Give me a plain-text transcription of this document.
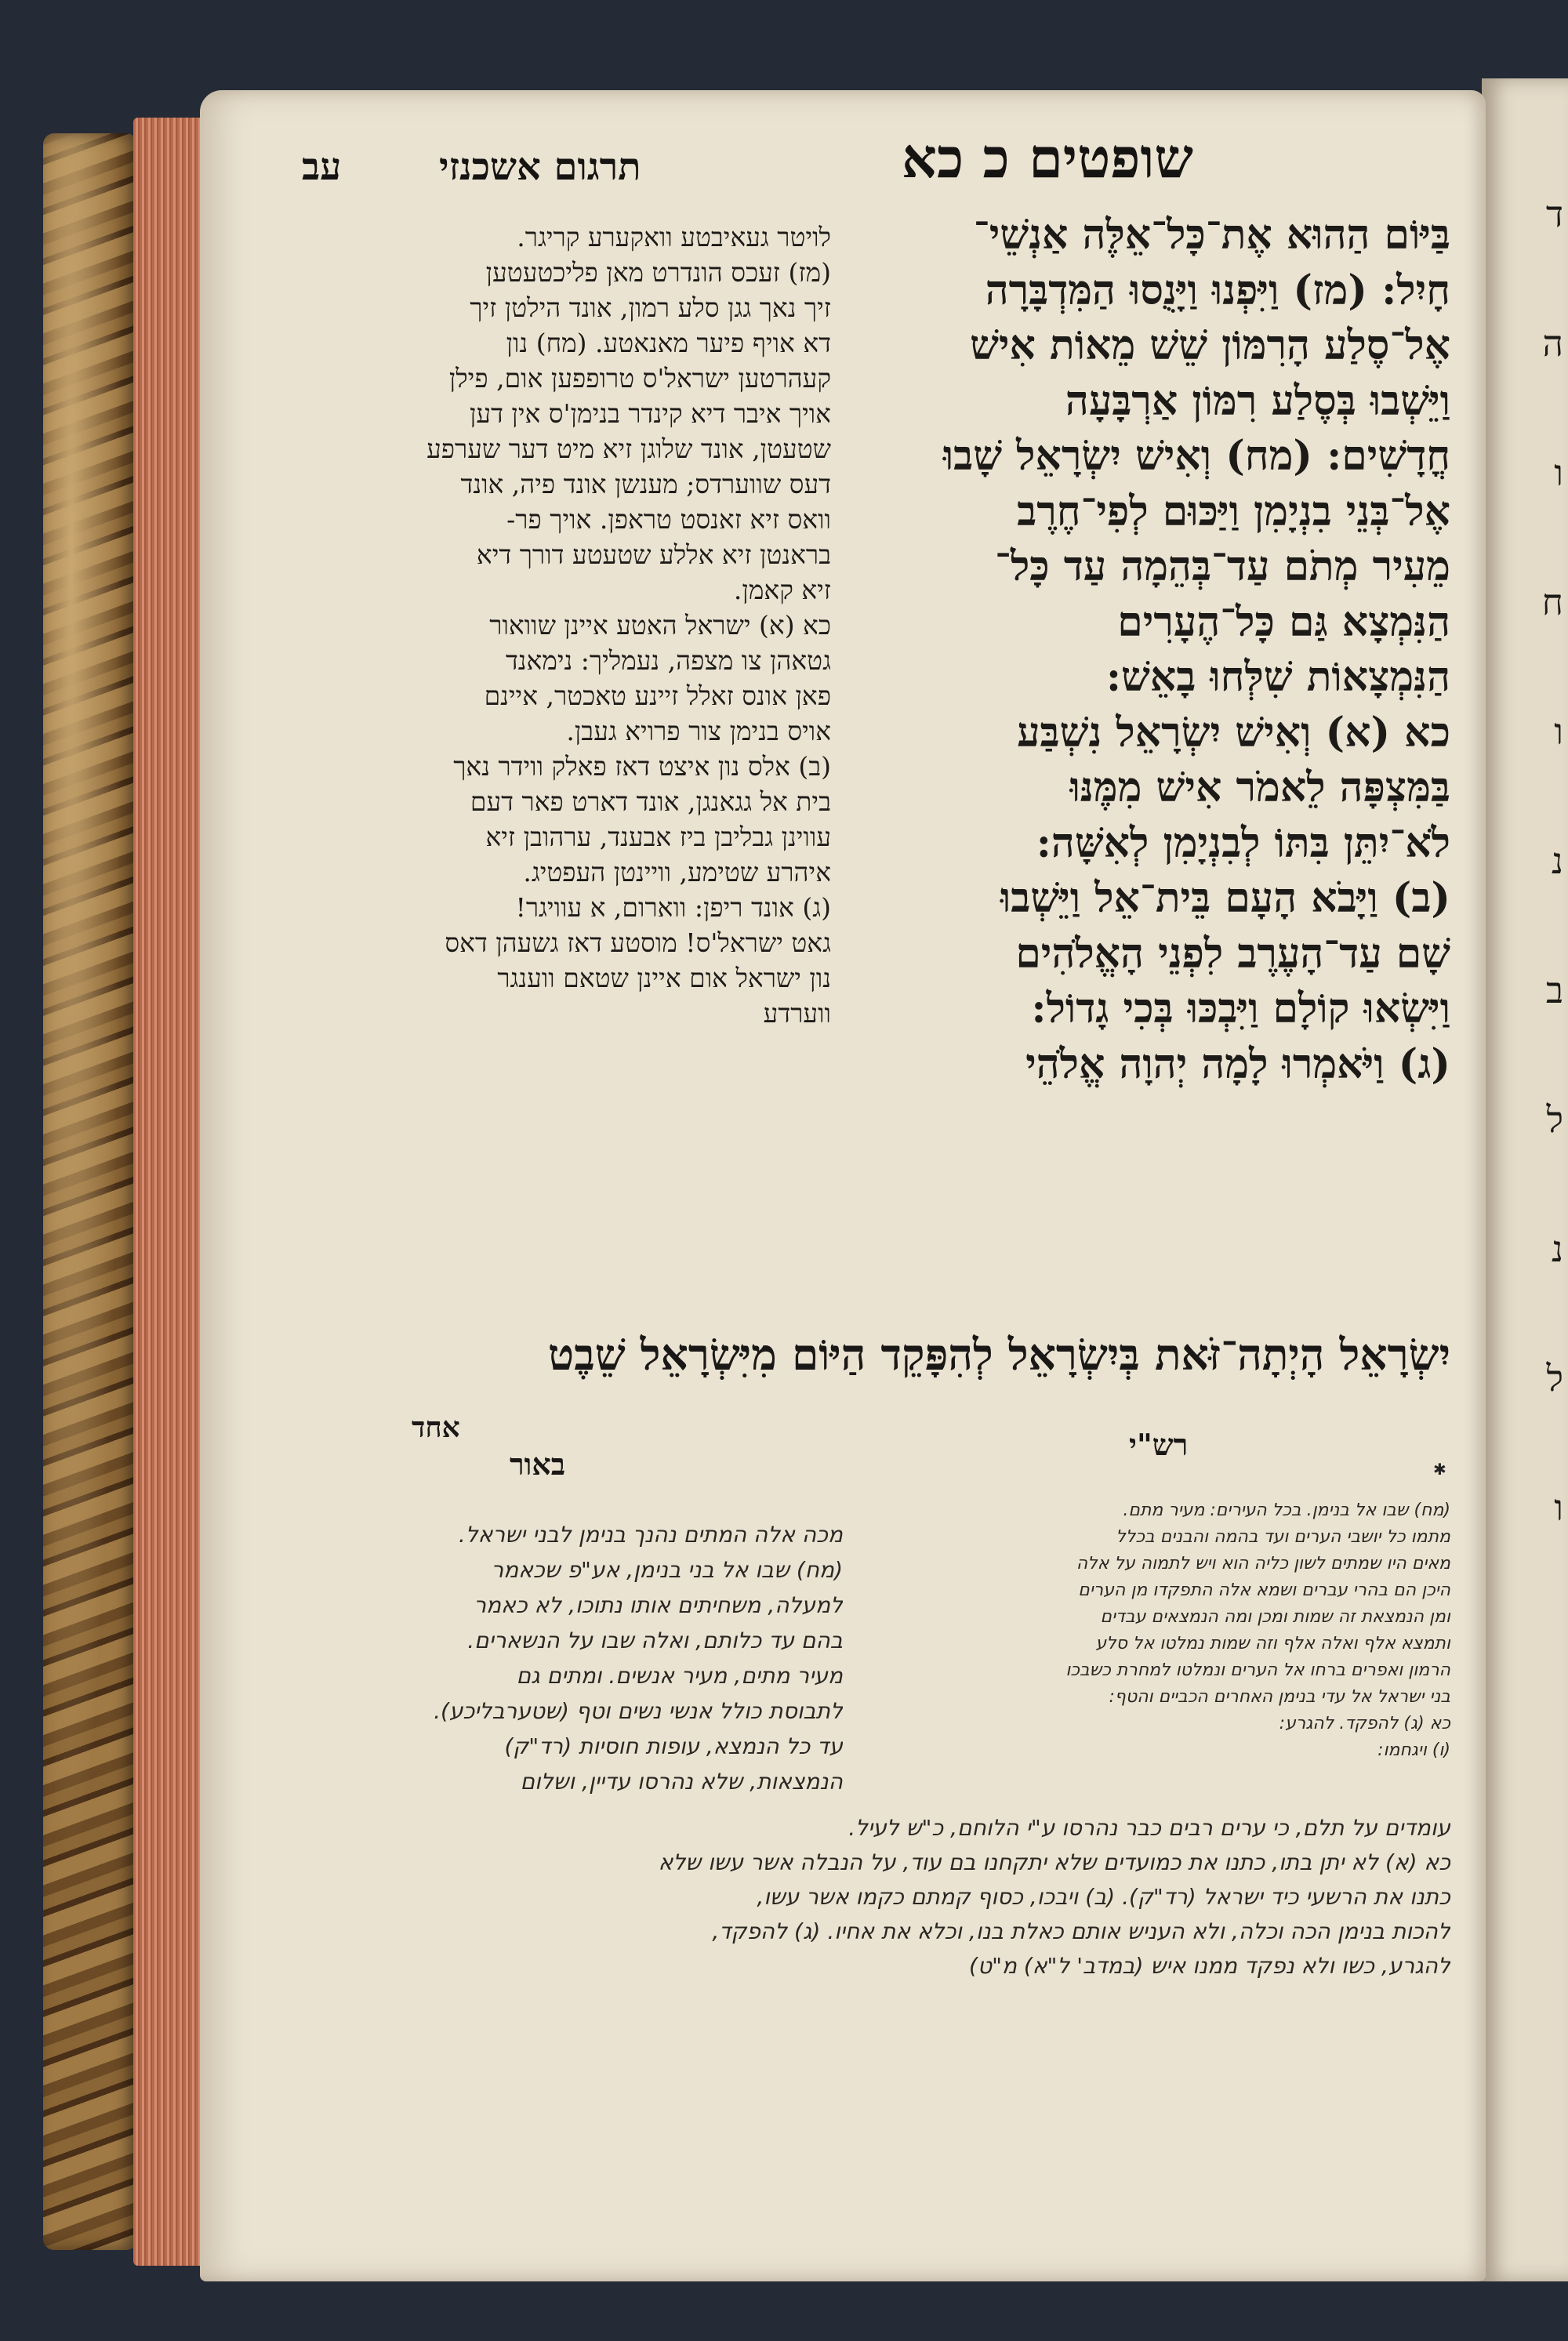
ד
ה
ו
ח
ו
נ
ב
ל
נ
ל
ו
שופטים כ כא
תרגום אשכנזי
עב
בַּיּוֹם הַהוּא אֶת־כָּל־אֵלֶּה אַנְשֵׁי־
חָיִל: (מז) וַיִּפְנוּ וַיָּנֻסוּ הַמִּדְבָּרָה
אֶל־סֶלַע הָרִמּוֹן שֵׁשׁ מֵאוֹת אִישׁ
וַיֵּשְׁבוּ בְּסֶלַע רִמּוֹן אַרְבָּעָה
חֳדָשִׁים: (מח) וְאִישׁ יִשְׂרָאֵל שָׁבוּ
אֶל־בְּנֵי בִנְיָמִן וַיַּכּוּם לְפִי־חֶרֶב
מֵעִיר מְתֹם עַד־בְּהֵמָה עַד כָּל־
הַנִּמְצָא גַּם כָּל־הֶעָרִים
הַנִּמְצָאוֹת שִׁלְּחוּ בָאֵשׁ:
כא (א) וְאִישׁ יִשְׂרָאֵל נִשְׁבַּע
בַּמִּצְפָּה לֵאמֹר אִישׁ מִמֶּנּוּ
לֹא־יִתֵּן בִּתּוֹ לְבִנְיָמִן לְאִשָּׁה:
(ב) וַיָּבֹא הָעָם בֵּית־אֵל וַיֵּשְׁבוּ
שָׁם עַד־הָעֶרֶב לִפְנֵי הָאֱלֹהִים
וַיִּשְׂאוּ קוֹלָם וַיִּבְכּוּ בְּכִי גָדוֹל:
(ג) וַיֹּאמְרוּ לָמָה יְהוָה אֱלֹהֵי
לויטר געאיבטע וואקערע קריגר.
(מז) זעכס הונדרט מאן פליכטעטען
זיך נאך גגן סלע רמון, אונד הילטן זיך
דא אויף פיער מאנאטע. (מח) נון
קעהרטען ישראל'ס טרופפען אום, פילן
אויך איבר דיא קינדר בנימן'ס אין דען
שטעטן, אונד שלוגן זיא מיט דער שערפע
דעס שווערדס; מענשן אונד פיה, אונד
וואס זיא זאנסט טראפן. אויך פר-
בראנטן זיא אללע שטעטע דורך דיא
זיא קאמן.
כא (א) ישראל האטע איינן שוואור
גטאהן צו מצפה, נעמליך: נימאנד
פאן אונס זאלל זיינע טאכטר, איינם
אויס בנימן צור פרויא געבן.
(ב) אלס נון איצט דאז פאלק ווידר נאך
בית אל גגאנגן, אונד דארט פאר דעם
עווינן גבליבן ביז אבענד, ערהובן זיא
איהרע שטימע, וויינטן העפטיג.
(ג) אונד ריפן: ווארום, א עוויגר!
גאט ישראל'ס! מוסטע דאז גשעהן דאס
נון ישראל אום איינן שטאם ווענגר
ווערדע
יִשְׂרָאֵל הָיְתָה־זֹּאת בְּיִשְׂרָאֵל לְהִפָּקֵד הַיּוֹם מִיִּשְׂרָאֵל שֵׁבֶט
אחד	רש"י
באור
(מח) שבו אל בנימן. בכל העירים: מעיר מתם.
מתמו כל יושבי הערים ועד בהמה והבנים בכלל
מאים היו שמתים לשון כליה הוא ויש לתמוה על אלה
היכן הם בהרי עברים ושמא אלה התפקדו מן הערים
ומן הנמצאת זה שמות ומכן ומה הנמצאים עבדים
ותמצא אלף ואלה אלף וזה שמות נמלטו אל סלע
הרמון ואפרים ברחו אל הערים ונמלטו למחרת כשבכו
בני ישראל אל עדי בנימן האחרים הכביים והטף:
כא (ג) להפקד. להגרע:
(ו) ויגחמו:
מכה אלה המתים נהנך בנימן לבני ישראל.
(מח) שבו אל בני בנימן, אע"פ שכאמר
למעלה, משחיתים אותו נתוכו, לא כאמר
בהם עד כלותם, ואלה שבו על הנשארים.
מעיר מתים, מעיר אנשים. ומתים גם
לתבוסת כולל אנשי נשים וטף (שטערבליכע).
עד כל הנמצא, עופות חוסיות (רד"ק)
הנמצאות, שלא נהרסו עדיין, ושלום
עומדים על תלם, כי ערים רבים כבר נהרסו ע"י הלוחם, כ"ש לעיל.
כא (א) לא יתן בתו, כתנו את כמועדים שלא יתקחנו בם עוד, על הנבלה אשר עשו שלא
כתנו את הרשעי כיד ישראל (רד"ק). (ב) ויבכו, כסוף קמתם כקמו אשר עשו,
להכות בנימן הכה וכלה, ולא העניש אותם כאלת בנו, וכלא את אחיו. (ג) להפקד,
להגרע, כשו ולא נפקד ממנו איש (במדב' ל"א) מ"ט)
✱
